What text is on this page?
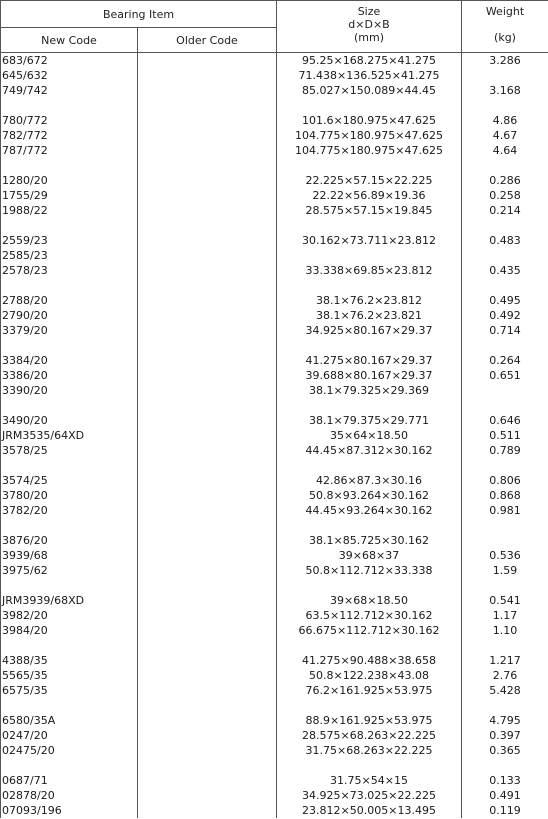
Bearing Item		Size
d×D×B
(mm)	Weight
(kg)

New Code	Older Code		
683/672		95.25×168.275×41.275	3.286
645/632		71.438×136.525×41.275	
749/742		85.027×150.089×44.45	3.168

780/772		101.6×180.975×47.625	4.86
782/772		104.775×180.975×47.625	4.67
787/772		104.775×180.975×47.625	4.64

1280/20		22.225×57.15×22.225	0.286
1755/29		22.22×56.89×19.36	0.258
1988/22		28.575×57.15×19.845	0.214

2559/23		30.162×73.711×23.812	0.483
2585/23			
2578/23		33.338×69.85×23.812	0.435

2788/20		38.1×76.2×23.812	0.495
2790/20		38.1×76.2×23.821	0.492
3379/20		34.925×80.167×29.37	0.714

3384/20		41.275×80.167×29.37	0.264
3386/20		39.688×80.167×29.37	0.651
3390/20		38.1×79.325×29.369	

3490/20		38.1×79.375×29.771	0.646
JRM3535/64XD		35×64×18.50	0.511
3578/25		44.45×87.312×30.162	0.789

3574/25		42.86×87.3×30.16	0.806
3780/20		50.8×93.264×30.162	0.868
3782/20		44.45×93.264×30.162	0.981

3876/20		38.1×85.725×30.162	
3939/68		39×68×37	0.536
3975/62		50.8×112.712×33.338	1.59

JRM3939/68XD		39×68×18.50	0.541
3982/20		63.5×112.712×30.162	1.17
3984/20		66.675×112.712×30.162	1.10

4388/35		41.275×90.488×38.658	1.217
5565/35		50.8×122.238×43.08	2.76
6575/35		76.2×161.925×53.975	5.428

6580/35A		88.9×161.925×53.975	4.795
0247/20		28.575×68.263×22.225	0.397
02475/20		31.75×68.263×22.225	0.365

0687/71		31.75×54×15	0.133
02878/20		34.925×73.025×22.225	0.491
07093/196		23.812×50.005×13.495	0.119
